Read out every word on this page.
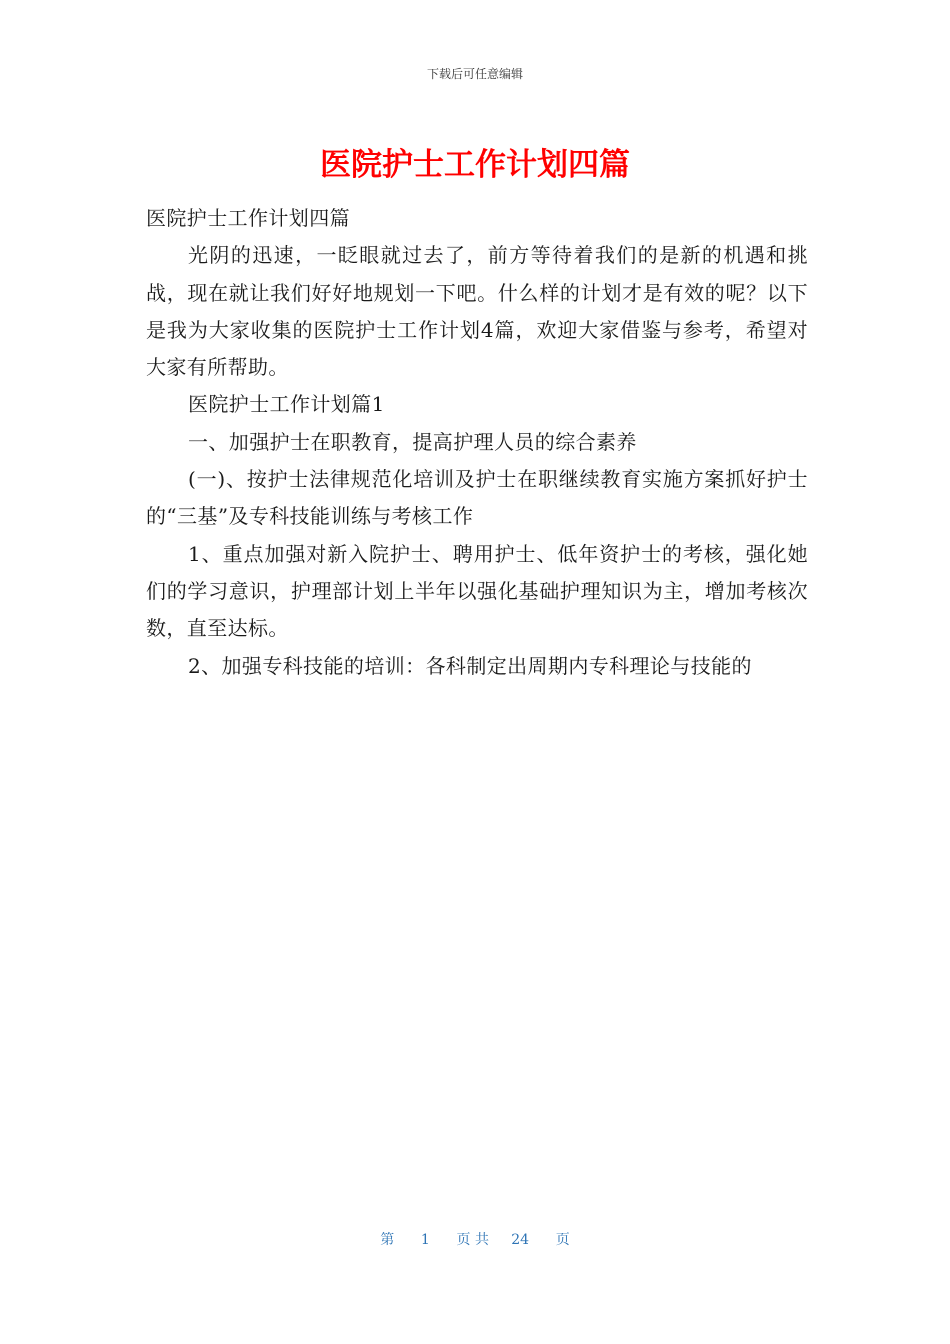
下载后可任意编辑
医院护士工作计划四篇

医院护士工作计划四篇

光阴的迅速，一眨眼就过去了，前方等待着我们的是新的机遇和挑战，现在就让我们好好地规划一下吧。什么样的计划才是有效的呢？以下是我为大家收集的医院护士工作计划4篇，欢迎大家借鉴与参考，希望对大家有所帮助。

医院护士工作计划篇1

一、加强护士在职教育，提高护理人员的综合素养

(一)、按护士法律规范化培训及护士在职继续教育实施方案抓好护士的“三基”及专科技能训练与考核工作

1、重点加强对新入院护士、聘用护士、低年资护士的考核，强化她们的学习意识，护理部计划上半年以强化基础护理知识为主，增加考核次数，直至达标。

2、加强专科技能的培训：各科制定出周期内专科理论与技能的

第 1 页 共 24 页
